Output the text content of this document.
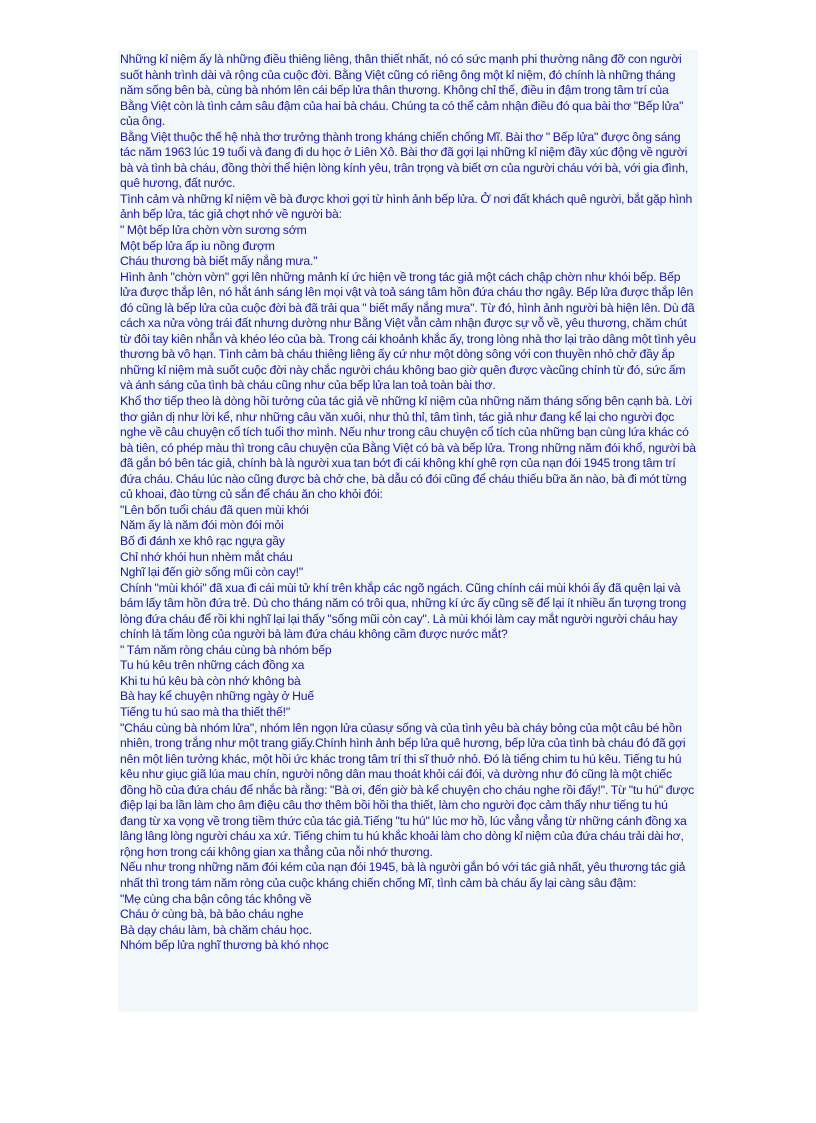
Những kỉ niệm ấy là những điều thiêng liêng, thân thiết nhất, nó có sức mạnh phi thường nâng đỡ con người suốt hành trình dài và rộng của cuộc đời. Bằng Việt cũng có riêng ông một kỉ niệm, đó chính là những tháng năm sống bên bà, cùng bà nhóm lên cái bếp lửa thân thương. Không chỉ thế, điều in đậm trong tâm trí của Bằng Việt còn là tình cảm sâu đậm của hai bà cháu. Chúng ta có thể cảm nhận điều đó qua bài thơ "Bếp lửa" của ông.

Bằng Việt thuộc thế hệ nhà thơ trưởng thành trong kháng chiến chống Mĩ. Bài thơ " Bếp lửa" được ông sáng tác năm 1963 lúc 19 tuổi và đang đi du học ở Liên Xô. Bài thơ đã gợi lại những kỉ niệm đầy xúc động về người bà và tình bà cháu, đồng thời thể hiện lòng kính yêu, trân trọng và biết ơn của người cháu với bà, với gia đình, quê hương, đất nước.

Tình cảm và những kỉ niệm về bà được khơi gợi từ hình ảnh bếp lửa. Ở nơi đất khách quê người, bắt gặp hình ảnh bếp lửa, tác giả chợt nhớ về người bà:

" Một bếp lửa chờn vờn sương sớm

Một bếp lửa ấp iu nồng đượm

Cháu thương bà biết mấy nắng mưa."

Hình ảnh "chờn vờn" gợi lên những mảnh kí ức hiện về trong tác giả một cách chập chờn như khói bếp. Bếp lửa được thắp lên, nó hắt ánh sáng lên mọi vật và toả sáng tâm hồn đứa cháu thơ ngây. Bếp lửa được thắp lên đó cũng là bếp lửa của cuộc đời bà đã trải qua " biết mấy nắng mưa". Từ đó, hình ảnh người bà hiện lên. Dù đã cách xa nửa vòng trái đất nhưng dường như Bằng Việt vẫn cảm nhận được sự vỗ về, yêu thương, chăm chút từ đôi tay kiên nhẫn và khéo léo của bà. Trong cái khoảnh khắc ấy, trong lòng nhà thơ lại trào dâng một tình yêu thương bà vô hạn. Tình cảm bà cháu thiêng liêng ấy cứ như một dòng sông với con thuyền nhỏ chở đầy ắp những kỉ niệm mà suốt cuộc đời này chắc người cháu không bao giờ quên được vàcũng chính từ đó, sức ấm và ánh sáng của tình bà cháu cũng như của bếp lửa lan toả toàn bài thơ.

Khổ thơ tiếp theo là dòng hồi tưởng của tác giả về những kỉ niệm của những năm tháng sống bên cạnh bà. Lời thơ giản dị như lời kể, như những câu văn xuôi, như thủ thỉ, tâm tình, tác giả như đang kể lại cho người đọc nghe về câu chuyện cổ tích tuổi thơ mình. Nếu như trong câu chuyện cổ tích của những bạn cùng lứa khác có bà tiên, có phép màu thì trong câu chuyện của Bằng Việt có bà và bếp lửa. Trong những năm đói khổ, người bà đã gắn bó bên tác giả, chính bà là người xua tan bớt đi cái không khí ghê rợn của nạn đói 1945 trong tâm trí đứa cháu. Cháu lúc nào cũng được bà chở che, bà dẫu có đói cũng để cháu thiếu bữa ăn nào, bà đi mót từng củ khoai, đào từng củ sắn để cháu ăn cho khỏi đói:

"Lên bốn tuổi cháu đã quen mùi khói

Năm ấy là năm đói mòn đói mỏi

Bố đi đánh xe khô rạc ngựa gầy

Chỉ nhớ khói hun nhèm mắt cháu

Nghĩ lại đến giờ sống mũi còn cay!"

Chính "mùi khói" đã xua đi cái mùi tử khí trên khắp các ngõ ngách. Cũng chính cái mùi khói ấy đã quện lại và bám lấy tâm hồn đứa trẻ. Dù cho tháng năm có trôi qua, những kí ức ấy cũng sẽ để lại ít nhiều ấn tượng trong lòng đứa cháu để rồi khi nghĩ lại lại thấy "sống mũi còn cay". Là mùi khói làm cay mắt người người cháu hay chính là tấm lòng của người bà làm đứa cháu không cầm được nước mắt?

" Tám năm ròng cháu cùng bà nhóm bếp

Tu hú kêu trên những cách đồng xa

Khi tu hú kêu bà còn nhớ không bà

Bà hay kể chuyện những ngày ở Huế

Tiếng tu hú sao mà tha thiết thế!"

"Cháu cùng bà nhóm lửa", nhóm lên ngọn lửa củasự sống và của tình yêu bà cháy bỏng của một câu bé hồn nhiên, trong trắng như một trang giấy.Chính hình ảnh bếp lửa quê hương, bếp lửa của tình bà cháu đó đã gợi nên một liên tưởng khác, một hồi ức khác trong tâm trí thi sĩ thuở nhỏ. Đó là tiếng chim tu hú kêu. Tiếng tu hú kêu như giục giã lúa mau chín, người nông dân mau thoát khỏi cái đói, và dường như đó cũng là một chiếc đồng hồ của đứa cháu để nhắc bà rằng: "Bà ơi, đến giờ bà kể chuyện cho cháu nghe rồi đấy!". Từ "tu hú" được điệp lại ba lần làm cho âm điệu câu thơ thêm bồi hồi tha thiết, làm cho người đọc cảm thấy như tiếng tu hú đang từ xa vọng về trong tiềm thức của tác giả.Tiếng "tu hú" lúc mơ hồ, lúc vẳng vẳng từ những cánh đồng xa lâng lâng lòng người cháu xa xứ. Tiếng chim tu hú khắc khoải làm cho dòng kỉ niệm của đứa cháu trải dài hơ, rộng hơn trong cái không gian xa thẳng của nỗi nhớ thương.

Nếu như trong những năm đói kém của nạn đói 1945, bà là người gắn bó với tác giả nhất, yêu thương tác giả nhất thì trong tám năm ròng của cuộc kháng chiến chống Mĩ, tình cảm bà cháu ấy lại càng sâu đậm:

"Mẹ cùng cha bận công tác không về

Cháu ở cùng bà, bà bảo cháu nghe

Bà dạy cháu làm, bà chăm cháu học.

Nhóm bếp lửa nghĩ thương bà khó nhọc
